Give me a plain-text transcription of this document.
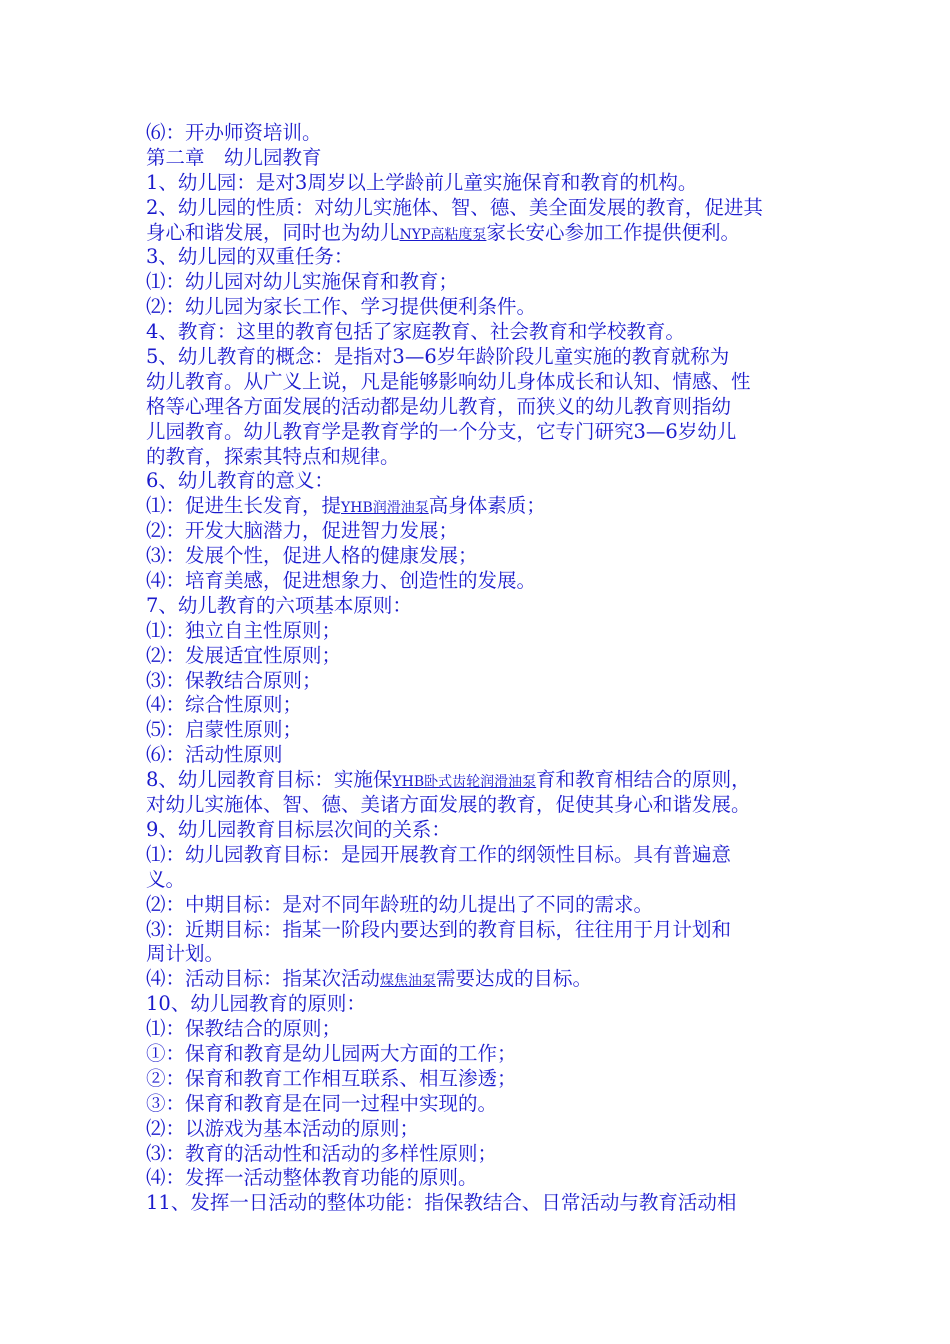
⑹：开办师资培训。
第二章　幼儿园教育
1、幼儿园：是对3周岁以上学龄前儿童实施保育和教育的机构。
2、幼儿园的性质：对幼儿实施体、智、德、美全面发展的教育，促进其
身心和谐发展，同时也为幼儿NYP高粘度泵家长安心参加工作提供便利。
3、幼儿园的双重任务：
⑴：幼儿园对幼儿实施保育和教育；
⑵：幼儿园为家长工作、学习提供便利条件。
4、教育：这里的教育包括了家庭教育、社会教育和学校教育。
5、幼儿教育的概念：是指对3—6岁年龄阶段儿童实施的教育就称为
幼儿教育。从广义上说，凡是能够影响幼儿身体成长和认知、情感、性
格等心理各方面发展的活动都是幼儿教育，而狭义的幼儿教育则指幼
儿园教育。幼儿教育学是教育学的一个分支，它专门研究3—6岁幼儿
的教育，探索其特点和规律。
6、幼儿教育的意义：
⑴：促进生长发育，提YHB润滑油泵高身体素质；
⑵：开发大脑潜力，促进智力发展；
⑶：发展个性，促进人格的健康发展；
⑷：培育美感，促进想象力、创造性的发展。
7、幼儿教育的六项基本原则：
⑴：独立自主性原则；
⑵：发展适宜性原则；
⑶：保教结合原则；
⑷：综合性原则；
⑸：启蒙性原则；
⑹：活动性原则
8、幼儿园教育目标：实施保YHB卧式齿轮润滑油泵育和教育相结合的原则，
对幼儿实施体、智、德、美诸方面发展的教育，促使其身心和谐发展。
9、幼儿园教育目标层次间的关系：
⑴：幼儿园教育目标：是园开展教育工作的纲领性目标。具有普遍意
义。
⑵：中期目标：是对不同年龄班的幼儿提出了不同的需求。
⑶：近期目标：指某一阶段内要达到的教育目标，往往用于月计划和
周计划。
⑷：活动目标：指某次活动煤焦油泵需要达成的目标。
10、幼儿园教育的原则：
⑴：保教结合的原则；
①：保育和教育是幼儿园两大方面的工作；
②：保育和教育工作相互联系、相互渗透；
③：保育和教育是在同一过程中实现的。
⑵：以游戏为基本活动的原则；
⑶：教育的活动性和活动的多样性原则；
⑷：发挥一活动整体教育功能的原则。
11、发挥一日活动的整体功能：指保教结合、日常活动与教育活动相
